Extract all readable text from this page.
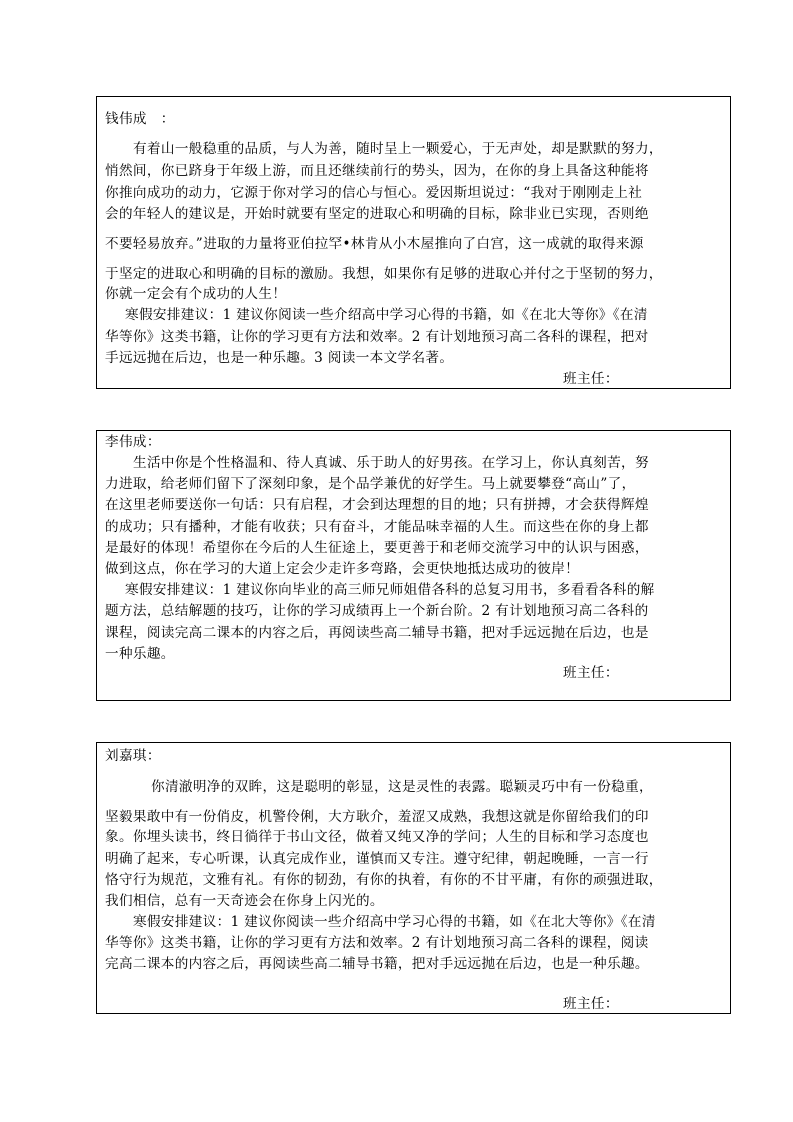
钱伟成　：
有着山一般稳重的品质，与人为善，随时呈上一颗爱心，于无声处，却是默默的努力，
悄然间，你已跻身于年级上游，而且还继续前行的势头，因为，在你的身上具备这种能将
你推向成功的动力，它源于你对学习的信心与恒心。爱因斯坦说过：“我对于刚刚走上社
会的年轻人的建议是，开始时就要有坚定的进取心和明确的目标，除非业已实现，否则绝
不要轻易放弃。”进取的力量将亚伯拉罕•林肯从小木屋推向了白宫，这一成就的取得来源
于坚定的进取心和明确的目标的激励。我想，如果你有足够的进取心并付之于坚韧的努力，
你就一定会有个成功的人生！
寒假安排建议：1 建议你阅读一些介绍高中学习心得的书籍，如《在北大等你》《在清
华等你》这类书籍，让你的学习更有方法和效率。2 有计划地预习高二各科的课程，把对
手远远抛在后边，也是一种乐趣。3 阅读一本文学名著。
班主任：
李伟成：
生活中你是个性格温和、待人真诚、乐于助人的好男孩。在学习上，你认真刻苦，努
力进取，给老师们留下了深刻印象，是个品学兼优的好学生。马上就要攀登“高山”了，
在这里老师要送你一句话：只有启程，才会到达理想的目的地；只有拼搏，才会获得辉煌
的成功；只有播种，才能有收获；只有奋斗，才能品味幸福的人生。而这些在你的身上都
是最好的体现！希望你在今后的人生征途上，要更善于和老师交流学习中的认识与困惑，
做到这点，你在学习的大道上定会少走许多弯路，会更快地抵达成功的彼岸！
寒假安排建议：1 建议你向毕业的高三师兄师姐借各科的总复习用书，多看看各科的解
题方法，总结解题的技巧，让你的学习成绩再上一个新台阶。2 有计划地预习高二各科的
课程，阅读完高二课本的内容之后，再阅读些高二辅导书籍，把对手远远抛在后边，也是
一种乐趣。
班主任：
刘嘉琪：
你清澈明净的双眸，这是聪明的彰显，这是灵性的表露。聪颖灵巧中有一份稳重，
坚毅果敢中有一份俏皮，机警伶俐，大方耿介，羞涩又成熟，我想这就是你留给我们的印
象。你埋头读书，终日徜徉于书山文径，做着又纯又净的学问；人生的目标和学习态度也
明确了起来，专心听课，认真完成作业，谨慎而又专注。遵守纪律，朝起晚睡，一言一行
恪守行为规范，文雅有礼。有你的韧劲，有你的执着，有你的不甘平庸，有你的顽强进取，
我们相信，总有一天奇迹会在你身上闪光的。
寒假安排建议：1 建议你阅读一些介绍高中学习心得的书籍，如《在北大等你》《在清
华等你》这类书籍，让你的学习更有方法和效率。2 有计划地预习高二各科的课程，阅读
完高二课本的内容之后，再阅读些高二辅导书籍，把对手远远抛在后边，也是一种乐趣。
班主任：
